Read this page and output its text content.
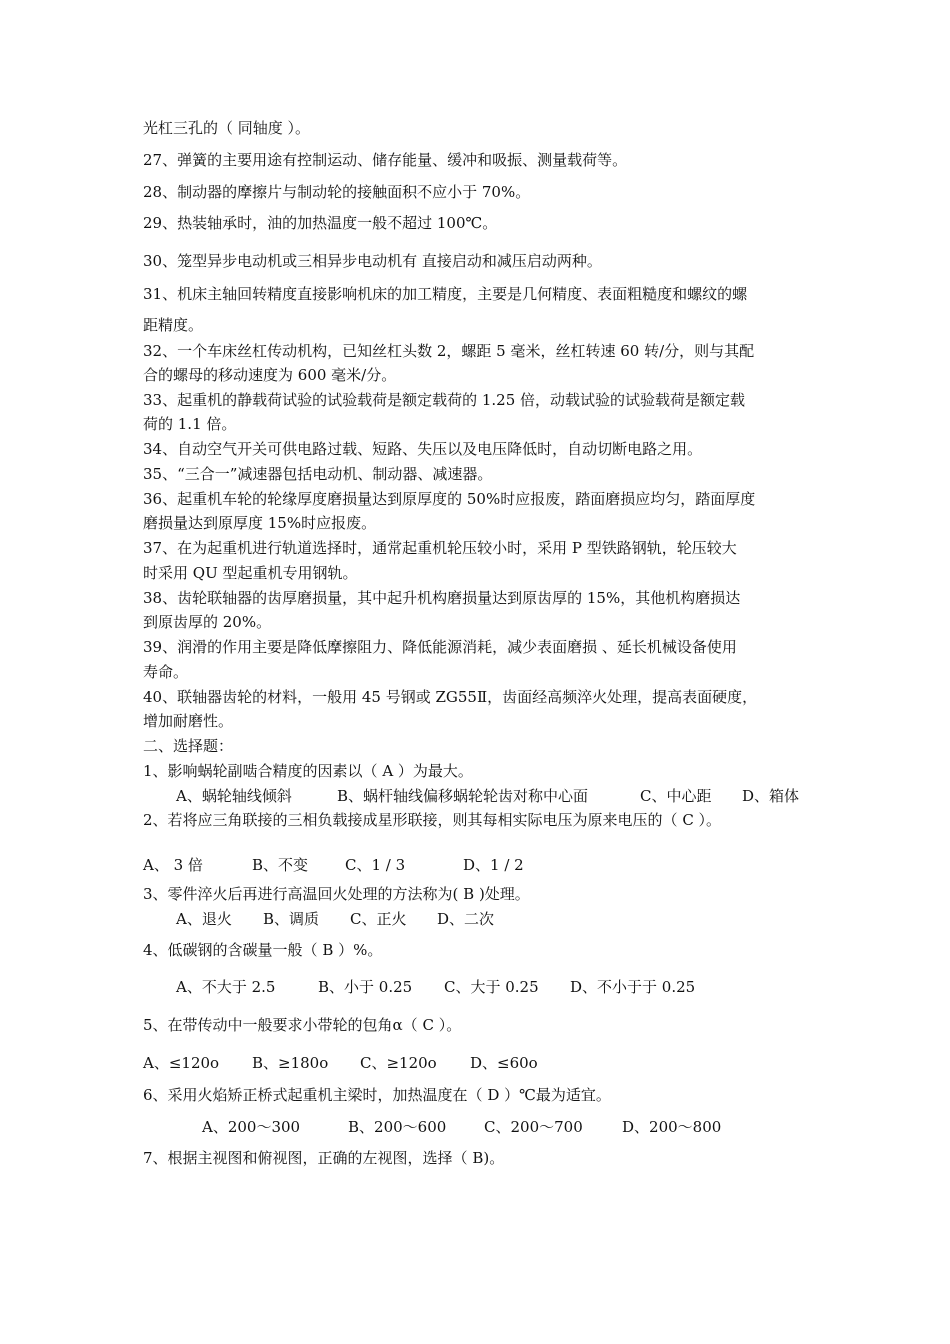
光杠三孔的（ 同轴度 ）。
27、弹簧的主要用途有控制运动、储存能量、缓冲和吸振、测量载荷等。
28、制动器的摩擦片与制动轮的接触面积不应小于 70%。
29、热装轴承时，油的加热温度一般不超过 100℃。
30、笼型异步电动机或三相异步电动机有 直接启动和减压启动两种。
31、机床主轴回转精度直接影响机床的加工精度，主要是几何精度、表面粗糙度和螺纹的螺
距精度。
32、一个车床丝杠传动机构，已知丝杠头数 2，螺距 5 毫米，丝杠转速 60 转/分，则与其配
合的螺母的移动速度为 600 毫米/分。
33、起重机的静载荷试验的试验载荷是额定载荷的 1.25 倍，动载试验的试验载荷是额定载
荷的 1.1 倍。
34、自动空气开关可供电路过载、短路、失压以及电压降低时，自动切断电路之用。
35、“三合一”减速器包括电动机、制动器、减速器。
36、起重机车轮的轮缘厚度磨损量达到原厚度的 50%时应报废，踏面磨损应均匀，踏面厚度
磨损量达到原厚度 15%时应报废。
37、在为起重机进行轨道选择时，通常起重机轮压较小时，采用 P 型铁路钢轨，轮压较大
时采用 QU 型起重机专用钢轨。
38、齿轮联轴器的齿厚磨损量，其中起升机构磨损量达到原齿厚的 15%，其他机构磨损达
到原齿厚的 20%。
39、润滑的作用主要是降低摩擦阻力、降低能源消耗，减少表面磨损 、延长机械设备使用
寿命。
40、联轴器齿轮的材料，一般用 45 号钢或 ZG55Ⅱ，齿面经高频淬火处理，提高表面硬度，
增加耐磨性。
二、选择题：
1、影响蜗轮副啮合精度的因素以（ A ）为最大。
A、蜗轮轴线倾斜	B、蜗杆轴线偏移蜗轮轮齿对称中心面	C、中心距 D、箱体
2、若将应三角联接的三相负载接成星形联接，则其每相实际电压为原来电压的（ C ）。
A、 3 倍	B、不变 C、1 / 3	D、1 / 2
3、零件淬火后再进行高温回火处理的方法称为( B )处理。
A、退火 B、调质 C、正火 D、二次
4、低碳钢的含碳量一般（ B ）%。
A、不大于 2.5	B、小于 0.25 C、大于 0.25 D、不小于于 0.25
5、在带传动中一般要求小带轮的包角α（ C ）。
A、≤120o B、≥180o C、≥120o D、≤60o
6、采用火焰矫正桥式起重机主梁时，加热温度在（ D ）℃最为适宜。
A、200～300	B、200～600	C、200～700	D、200～800
7、根据主视图和俯视图，正确的左视图，选择（ B)。
